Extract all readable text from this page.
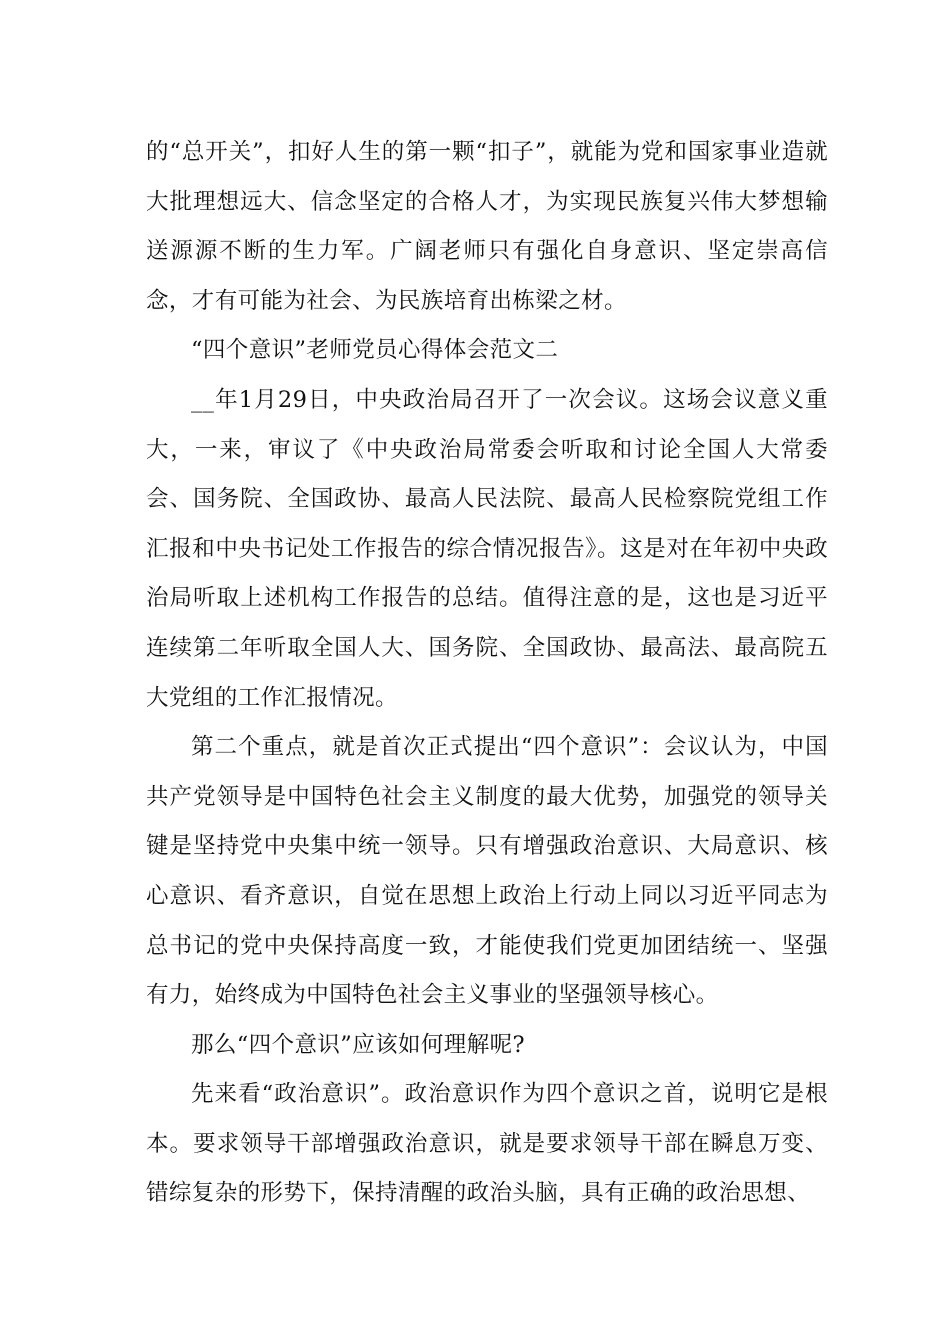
的“总开关”，扣好人生的第一颗“扣子”，就能为党和国家事业造就大批理想远大、信念坚定的合格人才，为实现民族复兴伟大梦想输送源源不断的生力军。广阔老师只有强化自身意识、坚定崇高信念，才有可能为社会、为民族培育出栋梁之材。

“四个意识”老师党员心得体会范文二

__年1月29日，中央政治局召开了一次会议。这场会议意义重大，一来，审议了《中央政治局常委会听取和讨论全国人大常委会、国务院、全国政协、最高人民法院、最高人民检察院党组工作汇报和中央书记处工作报告的综合情况报告》。这是对在年初中央政治局听取上述机构工作报告的总结。值得注意的是，这也是习近平连续第二年听取全国人大、国务院、全国政协、最高法、最高院五大党组的工作汇报情况。

第二个重点，就是首次正式提出“四个意识”：会议认为，中国共产党领导是中国特色社会主义制度的最大优势，加强党的领导关键是坚持党中央集中统一领导。只有增强政治意识、大局意识、核心意识、看齐意识，自觉在思想上政治上行动上同以习近平同志为总书记的党中央保持高度一致，才能使我们党更加团结统一、坚强有力，始终成为中国特色社会主义事业的坚强领导核心。

那么“四个意识”应该如何理解呢?

先来看“政治意识”。政治意识作为四个意识之首，说明它是根本。要求领导干部增强政治意识，就是要求领导干部在瞬息万变、错综复杂的形势下，保持清醒的政治头脑，具有正确的政治思想、
